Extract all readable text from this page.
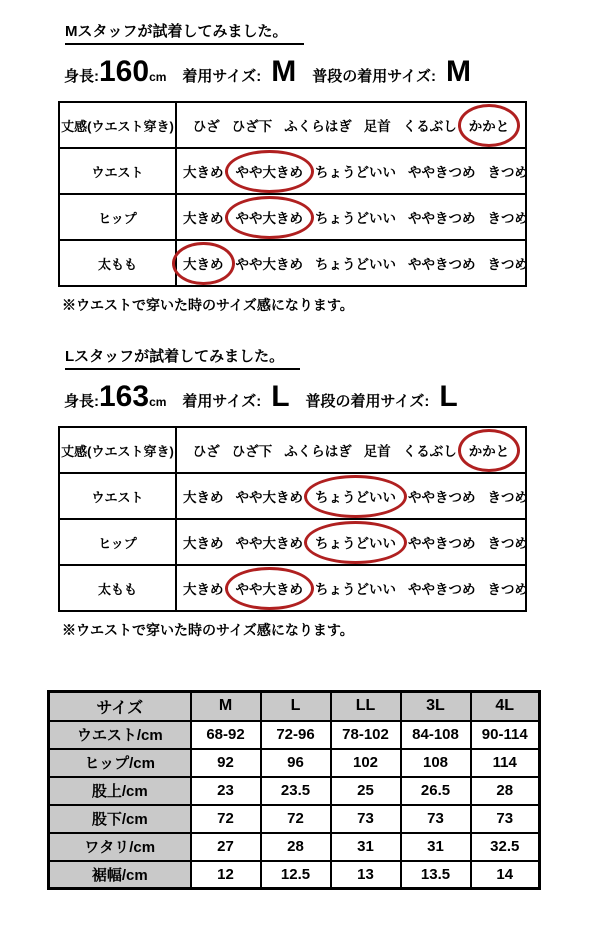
Mスタッフが試着してみました。
身長:160cm 着用サイズ: M 普段の着用サイズ: M
丈感(ウエスト穿き)	ひざ ひざ下 ふくらはぎ 足首 くるぶし かかと

ウエスト	大きめ やや大きめ ちょうどいい ややきつめ きつめ
ヒップ	大きめ やや大きめ ちょうどいい ややきつめ きつめ
太もも	大きめ やや大きめ ちょうどいい ややきつめ きつめ
※ウエストで穿いた時のサイズ感になります。
Lスタッフが試着してみました。
身長:163cm 着用サイズ: L 普段の着用サイズ: L
丈感(ウエスト穿き)	ひざ ひざ下 ふくらはぎ 足首 くるぶし かかと

ウエスト	大きめ やや大きめ ちょうどいい ややきつめ きつめ
ヒップ	大きめ やや大きめ ちょうどいい ややきつめ きつめ
太もも	大きめ やや大きめ ちょうどいい ややきつめ きつめ
※ウエストで穿いた時のサイズ感になります。
サイズ	M	L	LL	3L	4L
ウエスト/cm	68-92	72-96	78-102	84-108	90-114
ヒップ/cm	92	96	102	108	114
股上/cm	23	23.5	25	26.5	28
股下/cm	72	72	73	73	73
ワタリ/cm	27	28	31	31	32.5
裾幅/cm	12	12.5	13	13.5	14
